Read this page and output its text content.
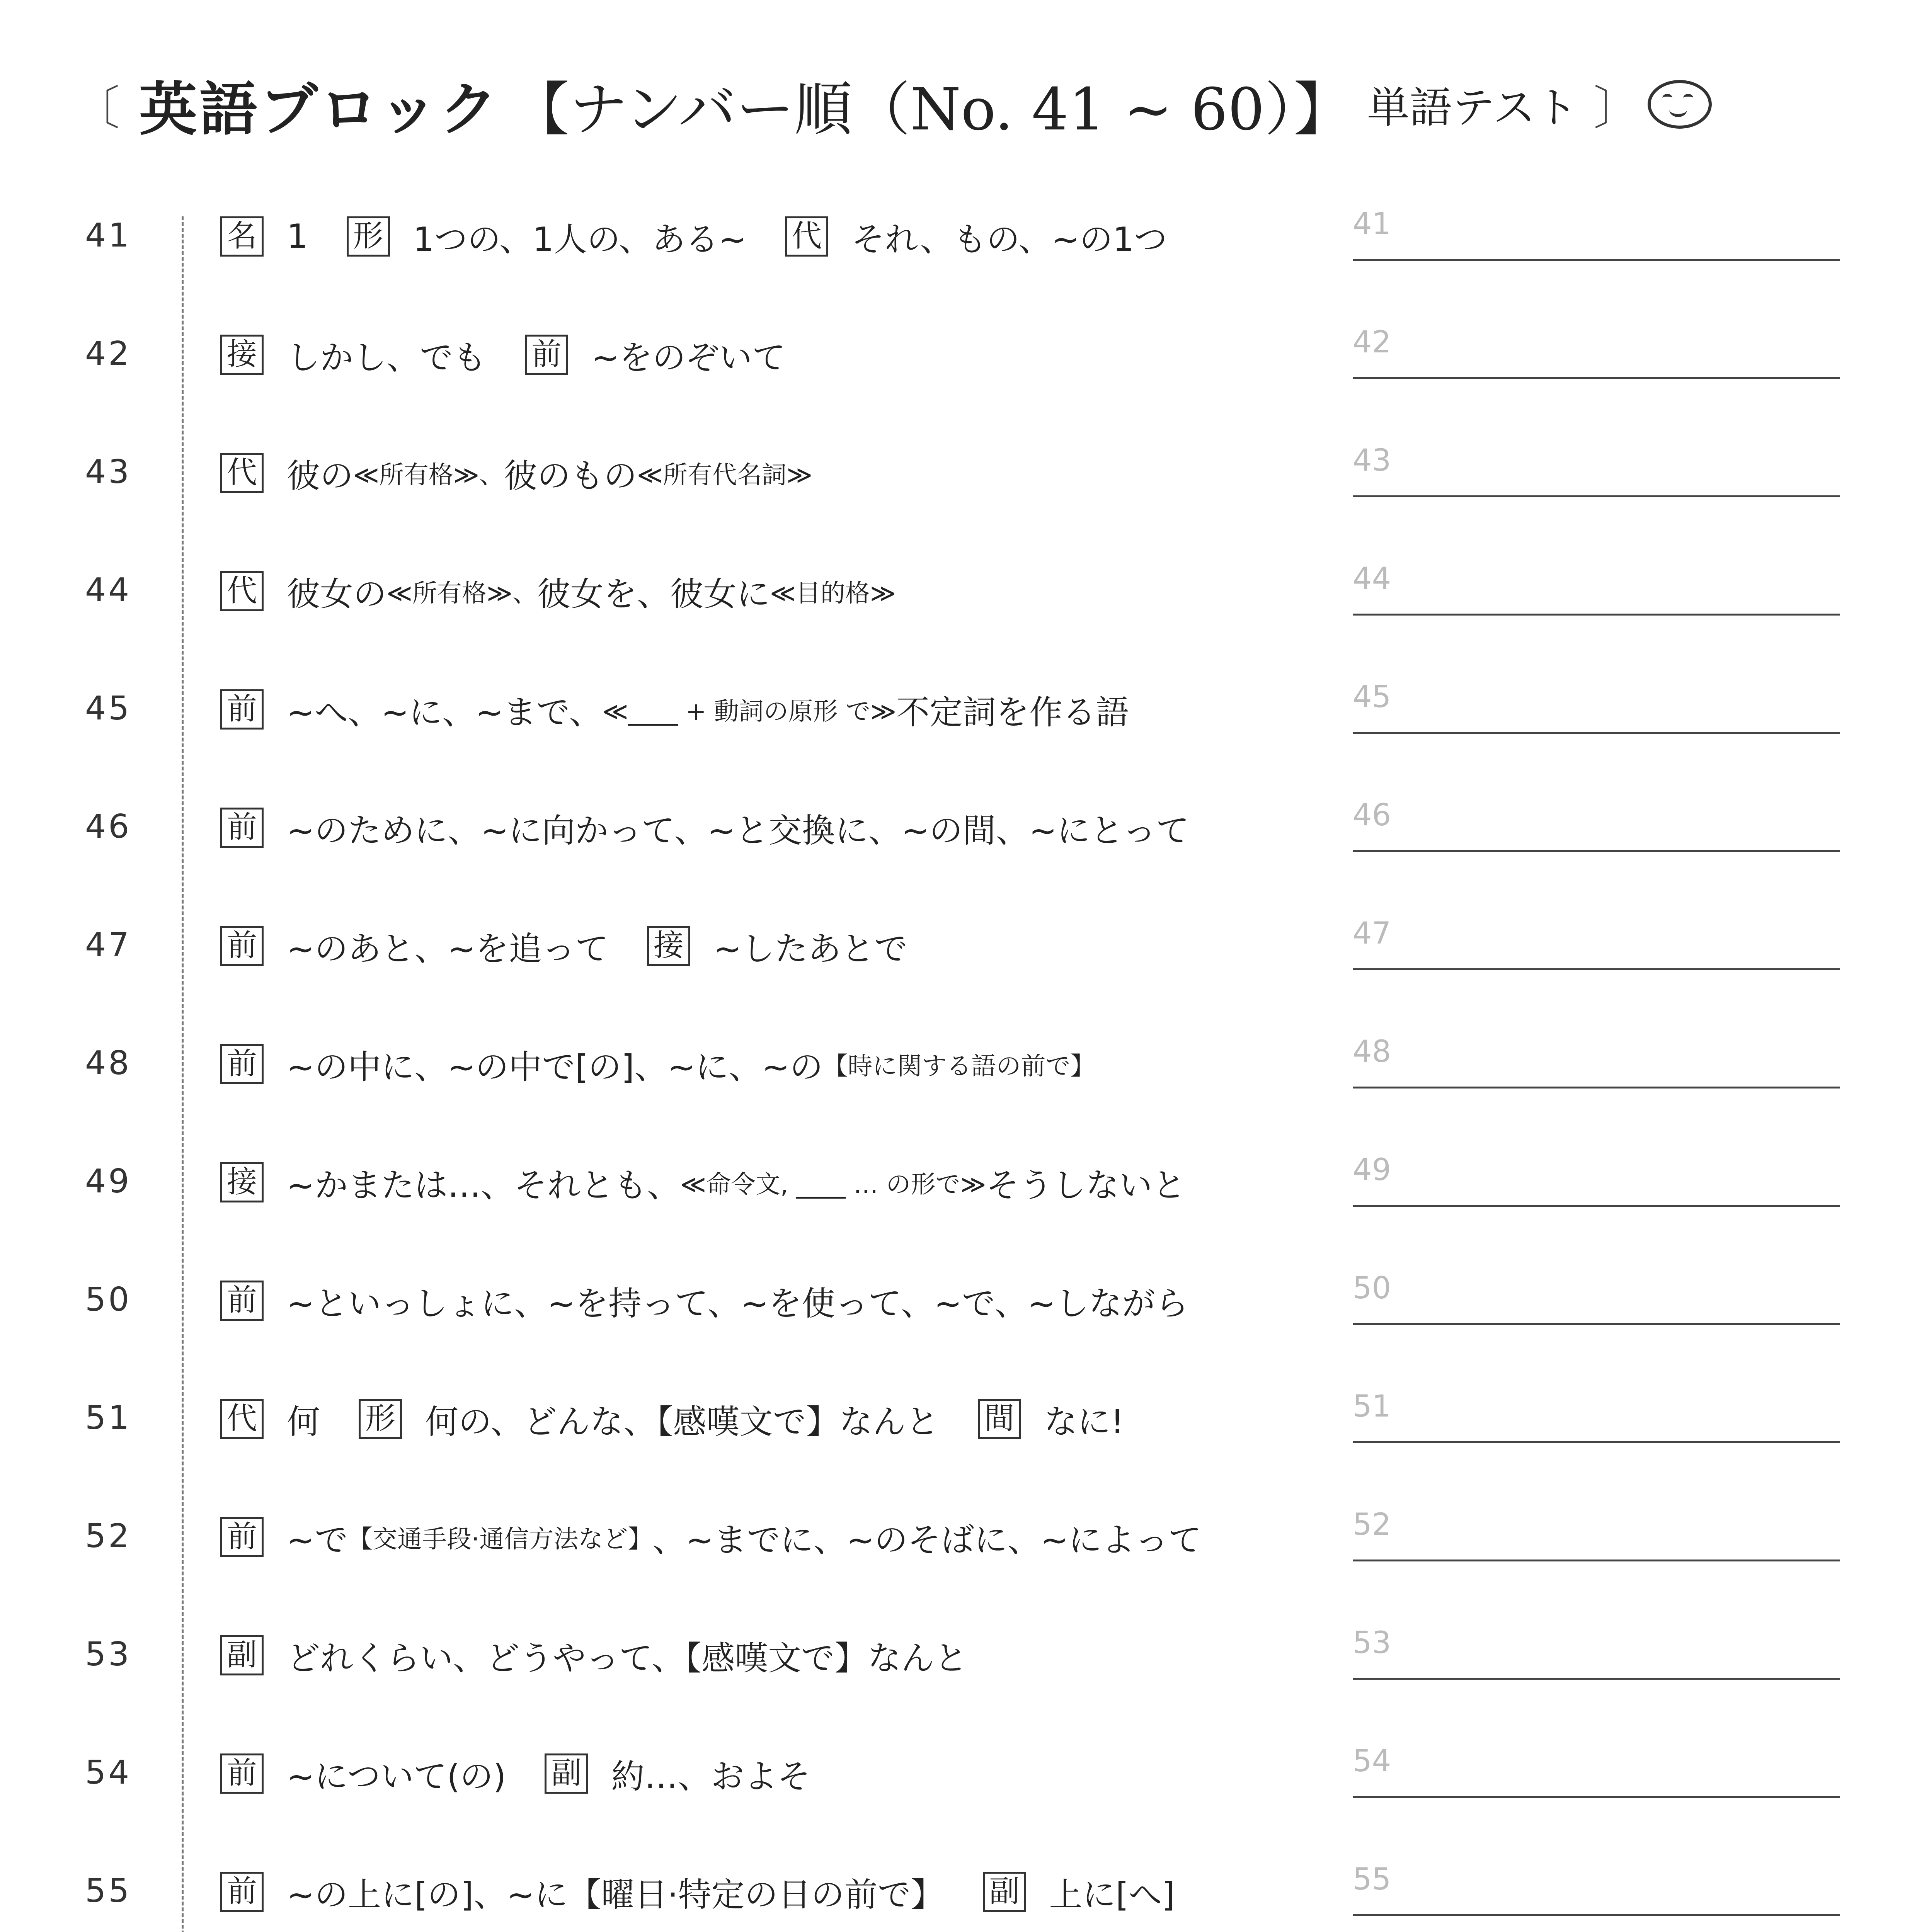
〔 英語ブロック 【ナンバー順（No. 41 ~ 60）】 単語テスト 〕
41	名 1 形 1つの、1人の、ある~ 代 それ、もの、~の1つ	41
42	接 しかし、でも 前 ~をのぞいて	42
43	代 彼の ≪所有格≫、 彼のもの ≪所有代名詞≫	43
44	代 彼女の ≪所有格≫、 彼女を、彼女に ≪目的格≫	44
45	前 ~へ、~に、~まで、 ≪____ + 動詞の原形 で≫ 不定詞を作る語	45
46	前 ~のために、~に向かって、~と交換に、~の間、~にとって	46
47	前 ~のあと、~を追って 接 ~したあとで	47
48	前 ~の中に、~の中で[の]、~に、~の 【時に関する語の前で】	48
49	接 ~かまたは…、それとも、 ≪命令文, ____ … の形で≫ そうしないと	49
50	前 ~といっしょに、~を持って、~を使って、~で、~しながら	50
51	代 何 形 何の、どんな、【感嘆文で】なんと 間 なに!	51
52	前 ~で 【交通手段·通信方法など】 、~までに、~のそばに、~によって	52
53	副 どれくらい、どうやって、【感嘆文で】なんと	53
54	前 ~について(の) 副 約…、およそ	54
55	前 ~の上に[の]、~に【曜日·特定の日の前で】 副 上に[へ]	55
